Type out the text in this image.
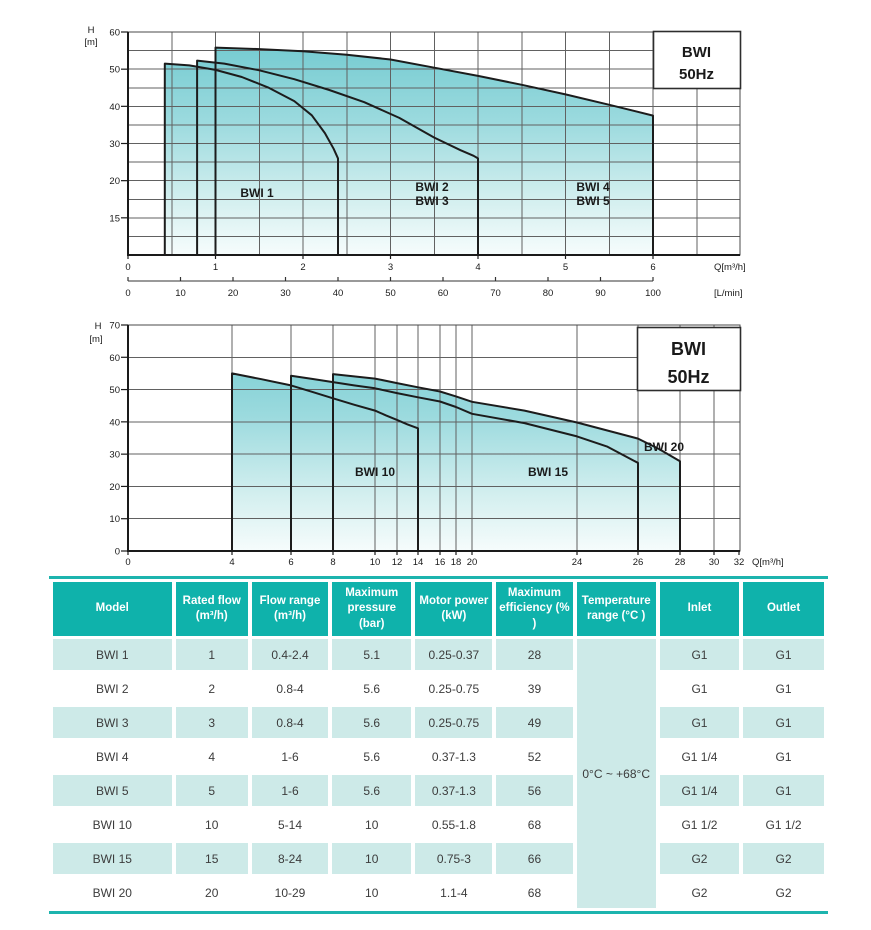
H
[m]
60
50
40
30
20
15
0	1	2	3	4	5	6	Q[m³/h]
0	10	20	30	40	50	60	70	80	90	100	[L/min]
BWI 1	BWI 2
BWI 3
BWI 4
BWI 5
BWI
50Hz
H
[m]
0
10
20
30
40
50
60
70
0	4	6	8	10 12 14 16 18 20	24	26	28 30 32 Q[m³/h]
BWI 10	BWI 15
BWI 20
BWI
50Hz
Model	Rated flow (m³/h)	Flow range (m³/h)	Maximum pressure (bar)	Motor power (kW)	Maximum efficiency (% )	Temperature range (°C )	Inlet	Outlet
BWI 1	1	0.4-2.4	5.1	0.25-0.37	28	0°C ~ +68°C	G1	G1
BWI 2	2	0.8-4	5.6	0.25-0.75	39		G1	G1
BWI 3	3	0.8-4	5.6	0.25-0.75	49		G1	G1
BWI 4	4	1-6	5.6	0.37-1.3	52		G1 1/4	G1
BWI 5	5	1-6	5.6	0.37-1.3	56		G1 1/4	G1
BWI 10	10	5-14	10	0.55-1.8	68		G1 1/2	G1 1/2
BWI 15	15	8-24	10	0.75-3	66		G2	G2
BWI 20	20	10-29	10	1.1-4	68		G2	G2
